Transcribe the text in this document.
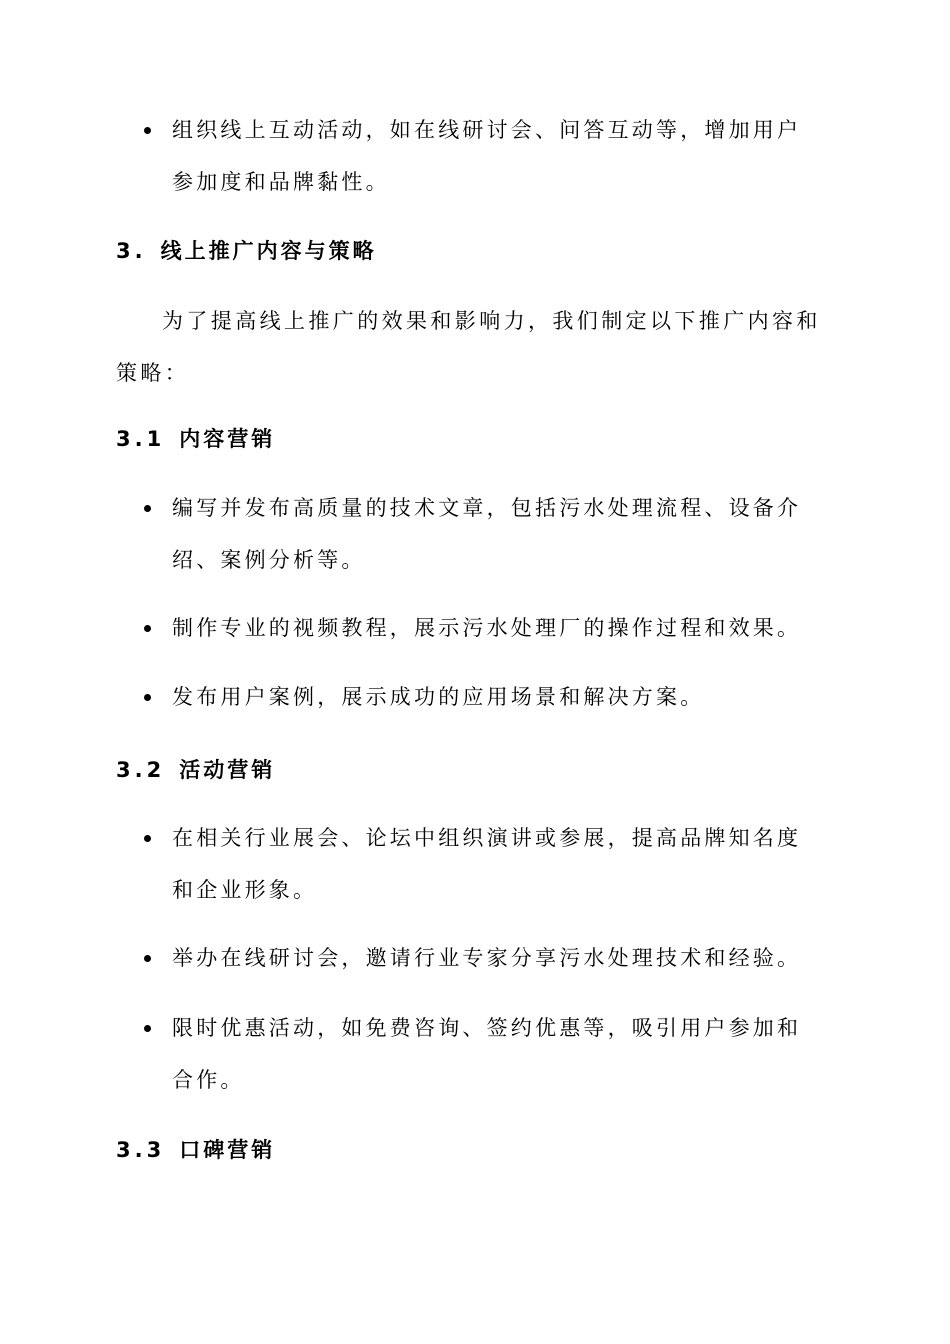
组织线上互动活动，如在线研讨会、问答互动等，增加用户参加度和品牌黏性。
3. 线上推广内容与策略
为了提高线上推广的效果和影响力，我们制定以下推广内容和策略：
3.1 内容营销
编写并发布高质量的技术文章，包括污水处理流程、设备介绍、案例分析等。
制作专业的视频教程，展示污水处理厂的操作过程和效果。
发布用户案例，展示成功的应用场景和解决方案。
3.2 活动营销
在相关行业展会、论坛中组织演讲或参展，提高品牌知名度和企业形象。
举办在线研讨会，邀请行业专家分享污水处理技术和经验。
限时优惠活动，如免费咨询、签约优惠等，吸引用户参加和合作。
3.3 口碑营销
